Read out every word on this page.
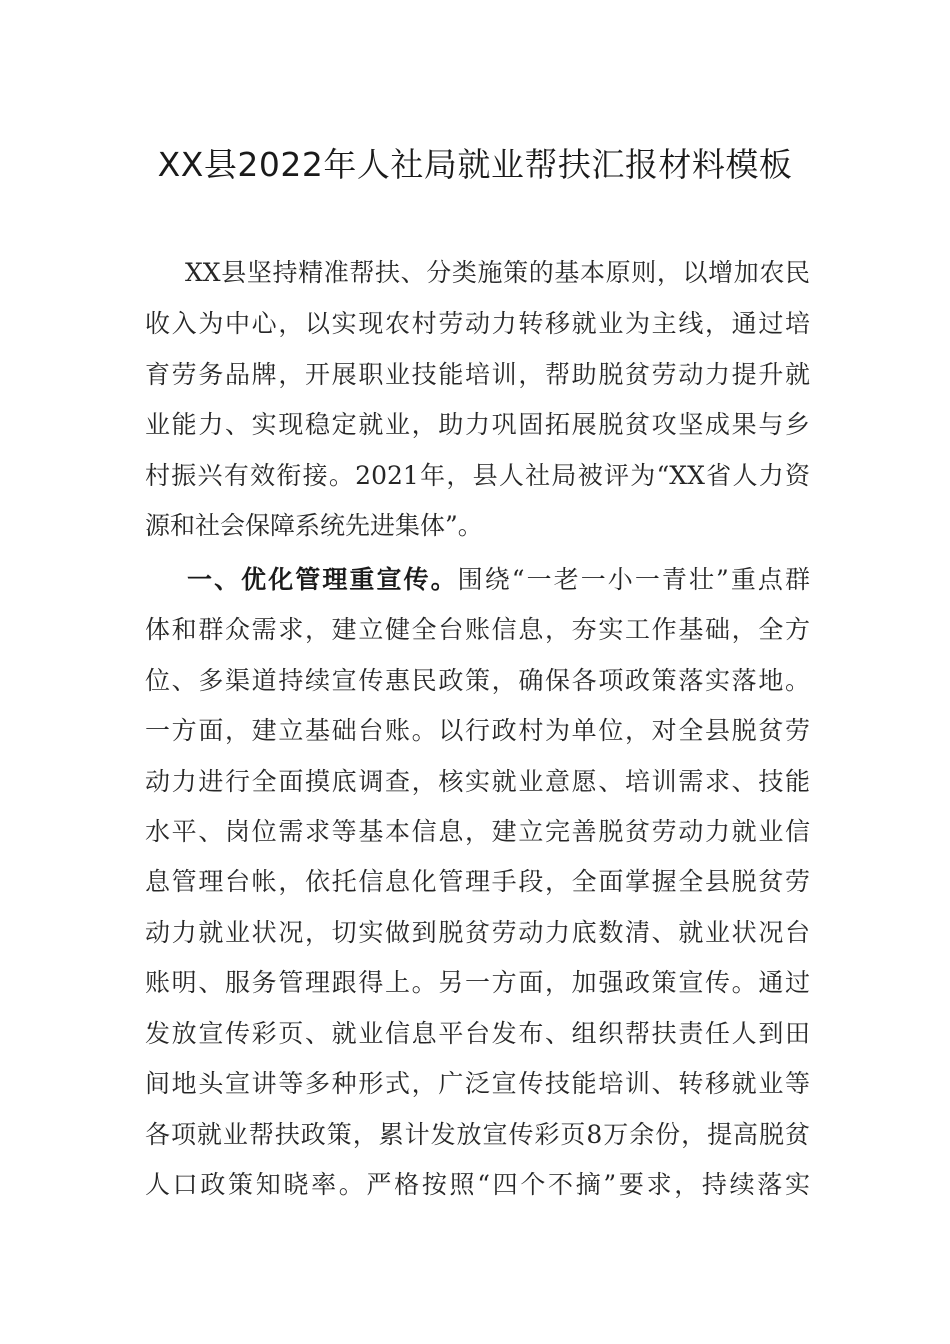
XX县2022年人社局就业帮扶汇报材料模板
XX县坚持精准帮扶、分类施策的基本原则，以增加农民
收入为中心，以实现农村劳动力转移就业为主线，通过培
育劳务品牌，开展职业技能培训，帮助脱贫劳动力提升就
业能力、实现稳定就业，助力巩固拓展脱贫攻坚成果与乡
村振兴有效衔接。2021年，县人社局被评为“XX省人力资
源和社会保障系统先进集体”。
一、优化管理重宣传。围绕“一老一小一青壮”重点群
体和群众需求，建立健全台账信息，夯实工作基础，全方
位、多渠道持续宣传惠民政策，确保各项政策落实落地。
一方面，建立基础台账。以行政村为单位，对全县脱贫劳
动力进行全面摸底调查，核实就业意愿、培训需求、技能
水平、岗位需求等基本信息，建立完善脱贫劳动力就业信
息管理台帐，依托信息化管理手段，全面掌握全县脱贫劳
动力就业状况，切实做到脱贫劳动力底数清、就业状况台
账明、服务管理跟得上。另一方面，加强政策宣传。通过
发放宣传彩页、就业信息平台发布、组织帮扶责任人到田
间地头宣讲等多种形式，广泛宣传技能培训、转移就业等
各项就业帮扶政策，累计发放宣传彩页8万余份，提高脱贫
人口政策知晓率。严格按照“四个不摘”要求，持续落实
